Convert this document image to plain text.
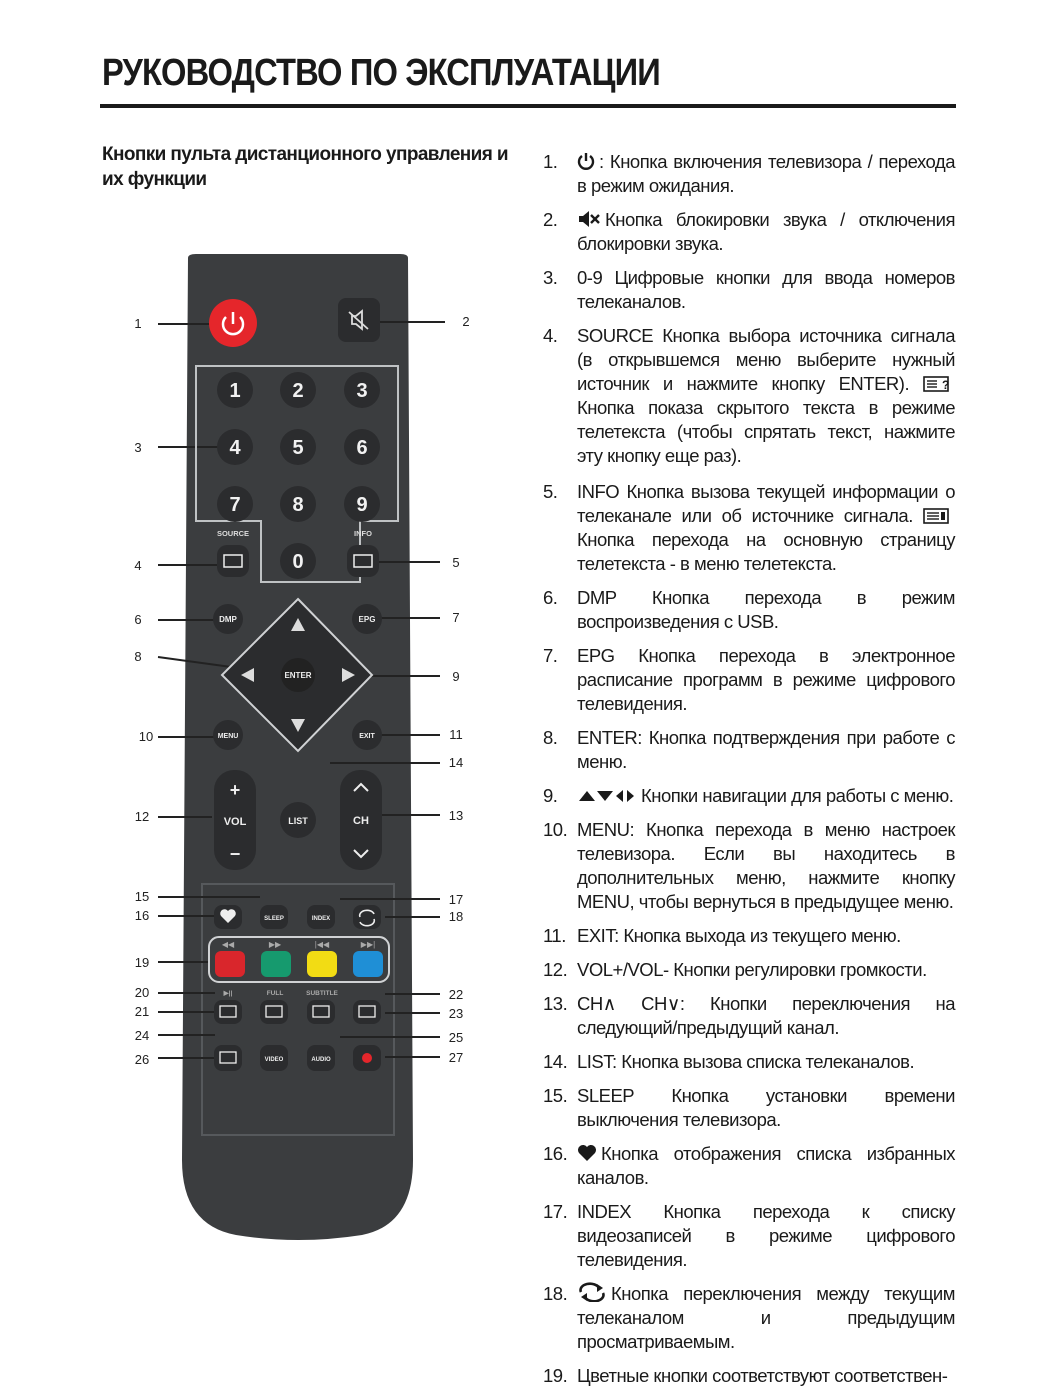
РУКОВОДСТВО ПО ЭКСПЛУАТАЦИИ
Кнопки пульта дистанционного управления и их функции
1	2
3
4	5
6	7
8
9
10	11
14
12	13
15	17
16	18
19
20	22
21	23
24	25
26	27
1	2	3
4	5	6
7	8	9
0
SOURCE	INFO
DMP	EPG
ENTER
MENU	EXIT
+
VOL
−
LIST	CH
SLEEP	INDEX
◀◀	▶▶	|◀◀	▶▶|
▶||	FULL	SUBTITLE
VIDEO	AUDIO
1. : Кнопка включения телевизора / перехода в режим ожидания.
2.	Кнопка блокировки звука / отключения блокировки звука.
3. 0-9 Цифровые кнопки для ввода номеров телеканалов.
4. SOURCE Кнопка выбора источника сигнала (в открывшемся меню выберите нужный источник и нажмите кнопку ENTER).	?
Кнопка показа скрытого текста в режиме телетекста (чтобы спрятать текст, нажмите эту кнопку еще раз).
5. INFO Кнопка вызова текущей информации о телеканале или об источнике сигнала.
Кнопка перехода на основную страницу телетекста - в меню телетекста.
6. DMP Кнопка перехода в режим воспроизведения с USB.
7. EPG Кнопка перехода в электронное расписание программ в режиме цифрового телевидения.
8. ENTER: Кнопка подтверждения при работе с меню.
9.	Кнопки навигации для работы с меню.
10. MENU: Кнопка перехода в меню настроек телевизора. Если вы находитесь в дополнительных меню, нажмите кнопку MENU, чтобы вернуться в предыдущее меню.
11. EXIT: Кнопка выхода из текущего меню.
12. VOL+/VOL- Кнопки регулировки громкости.
13. CH∧ CH∨: Кнопки переключения на следующий/предыдущий канал.
14. LIST: Кнопка вызова списка телеканалов.
15. SLEEP Кнопка установки времени выключения телевизора.
16. Кнопка отображения списка избранных каналов.
17. INDEX Кнопка перехода к списку видеозаписей в режиме цифрового телевидения.
18. Кнопка переключения между текущим телеканалом и предыдущим просматриваемым.
19. Цветные кнопки соответствуют соответствен-
